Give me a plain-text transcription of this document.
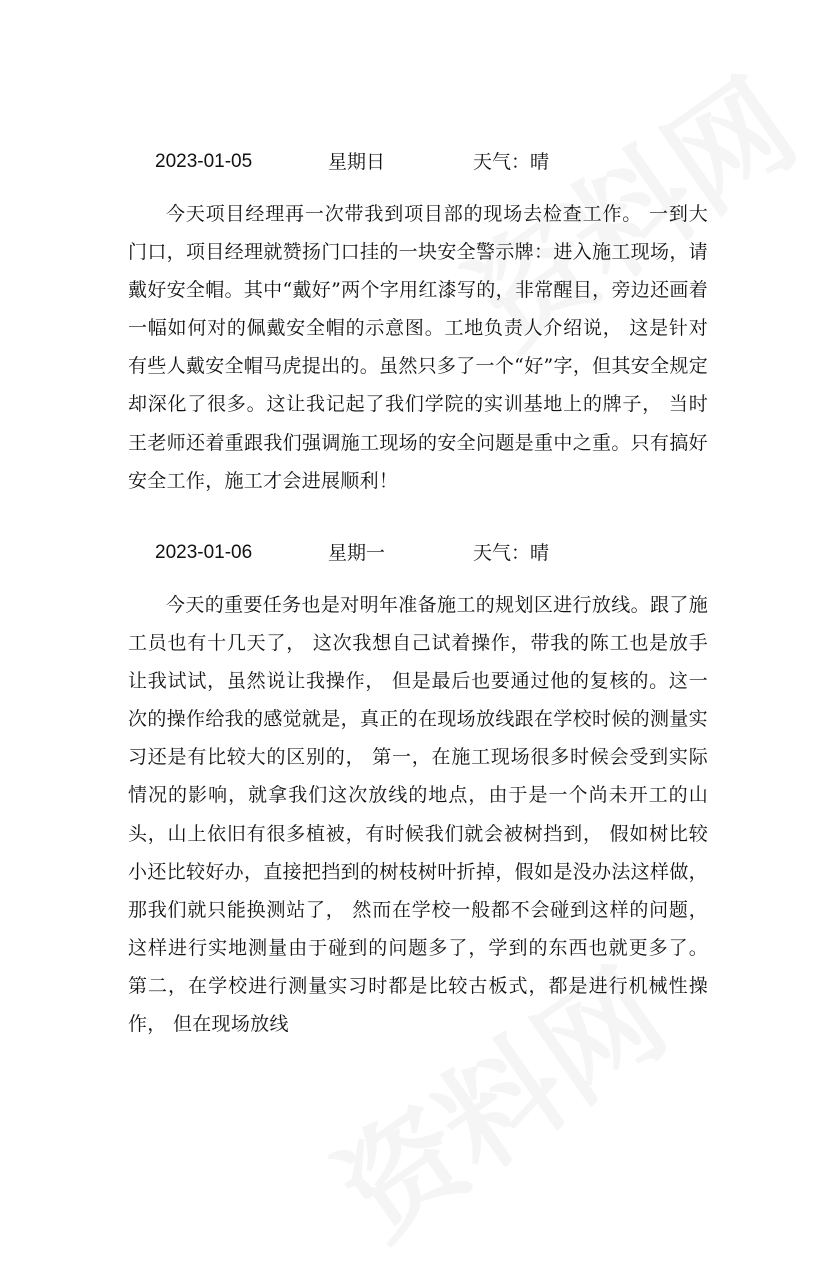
2023-01-05	星期日	天气：晴

今天项目经理再一次带我到项目部的现场去检查工作。 一到大门口，项目经理就赞扬门口挂的一块安全警示牌：进入施工现场，请戴好安全帽。其中“戴好”两个字用红漆写的，非常醒目，旁边还画着一幅如何对的佩戴安全帽的示意图。工地负责人介绍说， 这是针对有些人戴安全帽马虎提出的。虽然只多了一个“好”字，但其安全规定却深化了很多。这让我记起了我们学院的实训基地上的牌子， 当时王老师还着重跟我们强调施工现场的安全问题是重中之重。只有搞好安全工作，施工才会进展顺利！

2023-01-06	星期一	天气：晴

今天的重要任务也是对明年准备施工的规划区进行放线。跟了施工员也有十几天了， 这次我想自己试着操作，带我的陈工也是放手让我试试，虽然说让我操作， 但是最后也要通过他的复核的。这一次的操作给我的感觉就是，真正的在现场放线跟在学校时候的测量实习还是有比较大的区别的， 第一，在施工现场很多时候会受到实际情况的影响，就拿我们这次放线的地点，由于是一个尚未开工的山头，山上依旧有很多植被，有时候我们就会被树挡到， 假如树比较小还比较好办，直接把挡到的树枝树叶折掉，假如是没办法这样做，那我们就只能换测站了， 然而在学校一般都不会碰到这样的问题， 这样进行实地测量由于碰到的问题多了，学到的东西也就更多了。 第二，在学校进行测量实习时都是比较古板式，都是进行机械性操作， 但在现场放线
